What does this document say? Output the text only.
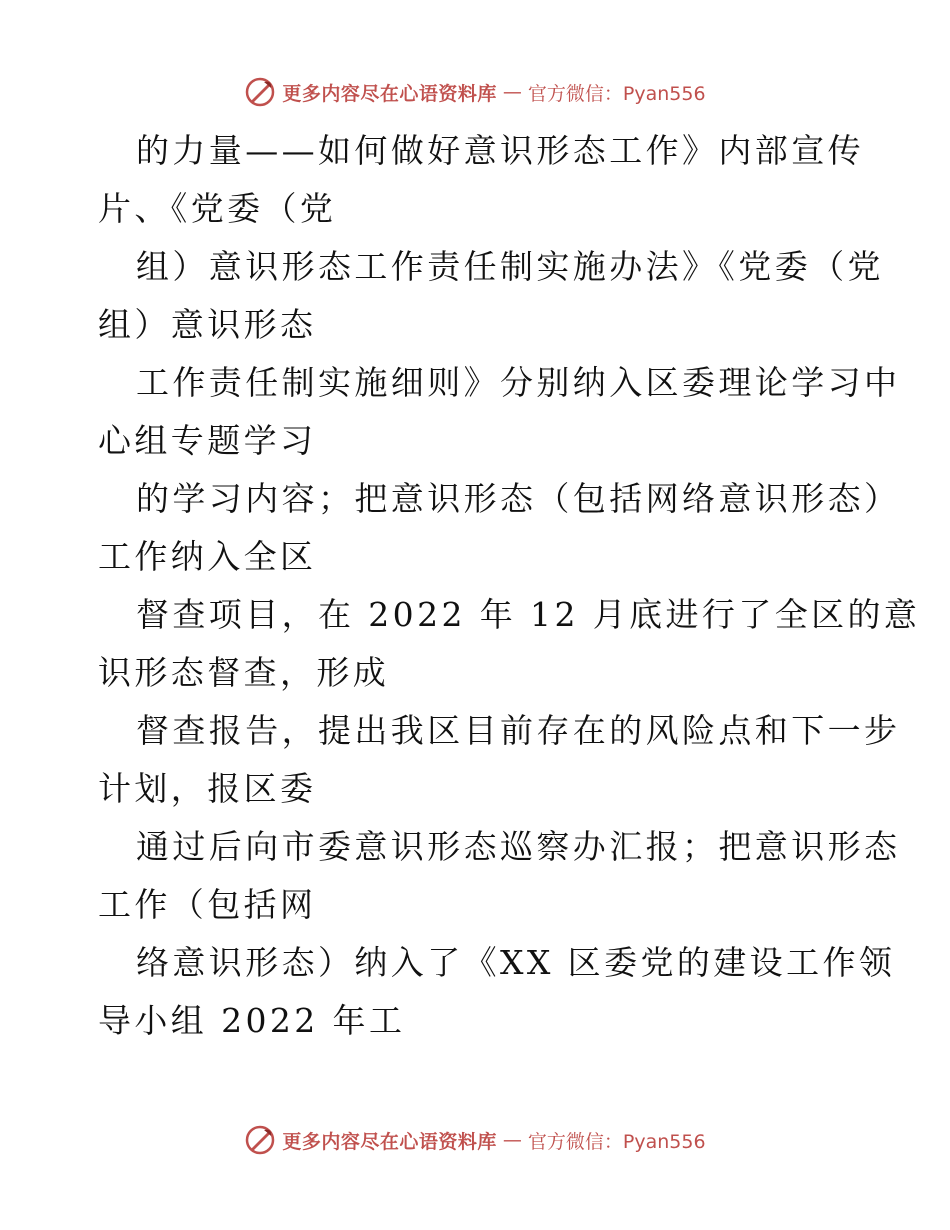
更多内容尽在心语资料库 — 官方微信：Pyan556
的力量——如何做好意识形态工作》内部宣传
片、《党委（党
组）意识形态工作责任制实施办法》《党委（党
组）意识形态
工作责任制实施细则》分别纳入区委理论学习中
心组专题学习
的学习内容；把意识形态（包括网络意识形态）
工作纳入全区
督查项目，在 2022 年 12 月底进行了全区的意
识形态督查，形成
督查报告，提出我区目前存在的风险点和下一步
计划，报区委
通过后向市委意识形态巡察办汇报；把意识形态
工作（包括网
络意识形态）纳入了《XX 区委党的建设工作领
导小组 2022 年工
更多内容尽在心语资料库 — 官方微信：Pyan556
